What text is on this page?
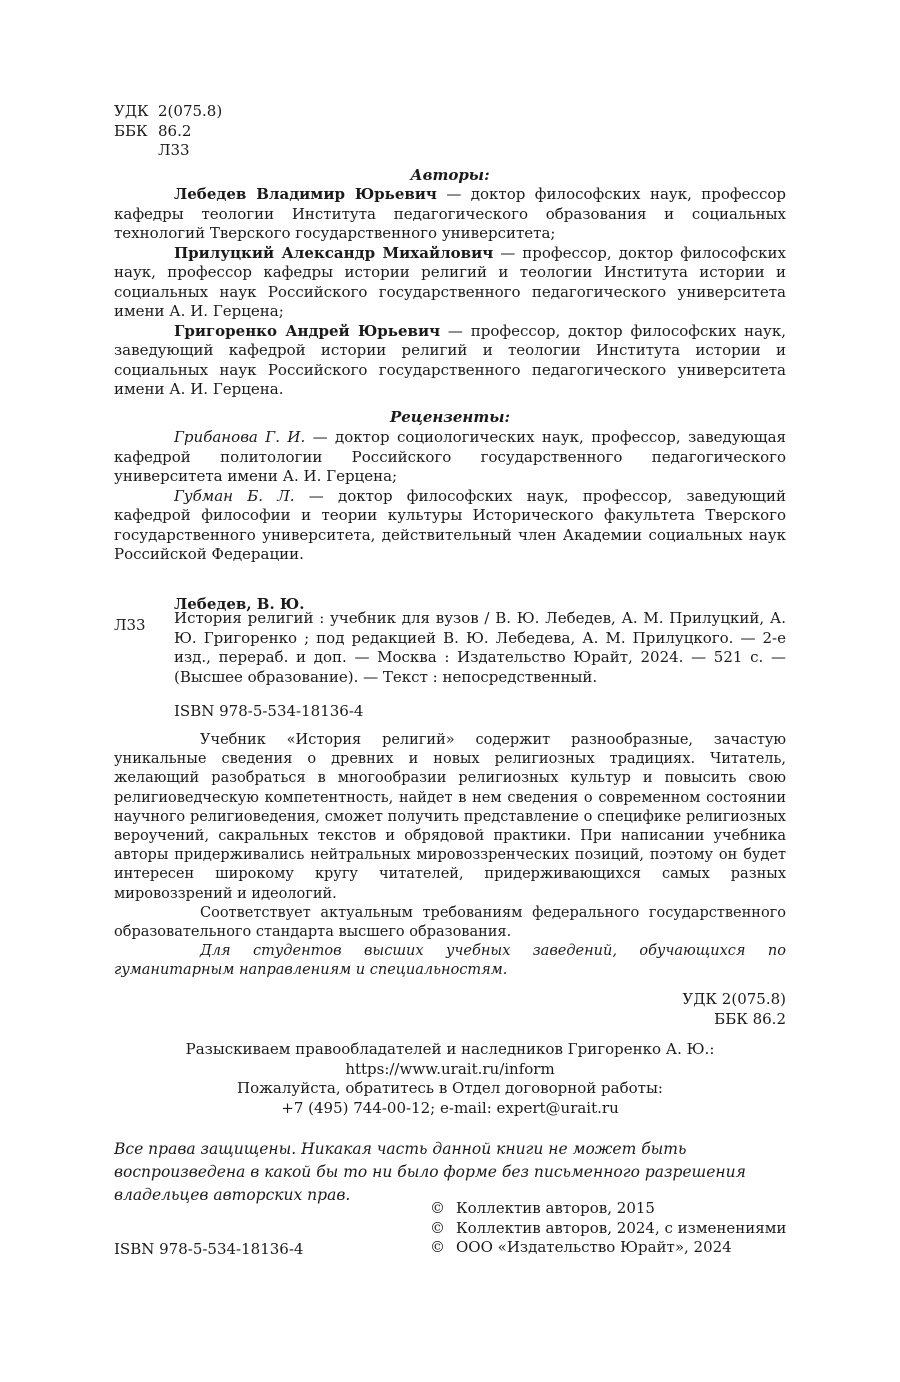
УДК 2(075.8)
ББК 86.2
Л33
Авторы:

Лебедев Владимир Юрьевич — доктор философских наук, профессор кафедры теологии Института педагогического образования и социальных технологий Тверского государственного университета;

Прилуцкий Александр Михайлович — профессор, доктор философских наук, профессор кафедры истории религий и теологии Института истории и социальных наук Российского государственного педагогического университета имени А. И. Герцена;

Григоренко Андрей Юрьевич — профессор, доктор философских наук, заведующий кафедрой истории религий и теологии Института истории и социальных наук Российского государственного педагогического университета имени А. И. Герцена.

Рецензенты:

Грибанова Г. И. — доктор социологических наук, профессор, заведующая кафедрой политологии Российского государственного педагогического университета имени А. И. Герцена;

Губман Б. Л. — доктор философских наук, профессор, заведующий кафедрой философии и теории культуры Исторического факультета Тверского государственного университета, действительный член Академии социальных наук Российской Федерации.

Лебедев, В. Ю.
Л33 История религий : учебник для вузов / В. Ю. Лебедев, А. М. Прилуцкий, А. Ю. Григоренко ; под редакцией В. Ю. Лебедева, А. М. Прилуцкого. — 2-е изд., перераб. и доп. — Москва : Издательство Юрайт, 2024. — 521 с. — (Высшее образование). — Текст : непосредственный.
ISBN 978-5-534-18136-4

Учебник «История религий» содержит разнообразные, зачастую уникальные сведения о древних и новых религиозных традициях. Читатель, желающий разобраться в многообразии религиозных культур и повысить свою религиоведческую компетентность, найдет в нем сведения о современном состоянии научного религиоведения, сможет получить представление о специфике религиозных вероучений, сакральных текстов и обрядовой практики. При написании учебника авторы придерживались нейтральных мировоззренческих позиций, поэтому он будет интересен широкому кругу читателей, придерживающихся самых разных мировоззрений и идеологий.

Соответствует актуальным требованиям федерального государственного образовательного стандарта высшего образования.

Для студентов высших учебных заведений, обучающихся по гуманитарным направлениям и специальностям.

УДК 2(075.8)
ББК 86.2
Разыскиваем правообладателей и наследников Григоренко А. Ю.:
https://www.urait.ru/inform
Пожалуйста, обратитесь в Отдел договорной работы:
+7 (495) 744-00-12; e-mail: expert@urait.ru
Все права защищены. Никакая часть данной книги не может быть воспроизведена в какой бы то ни было форме без письменного разрешения владельцев авторских прав.
© Коллектив авторов, 2015
© Коллектив авторов, 2024, с изменениями
© ООО «Издательство Юрайт», 2024
ISBN 978-5-534-18136-4
